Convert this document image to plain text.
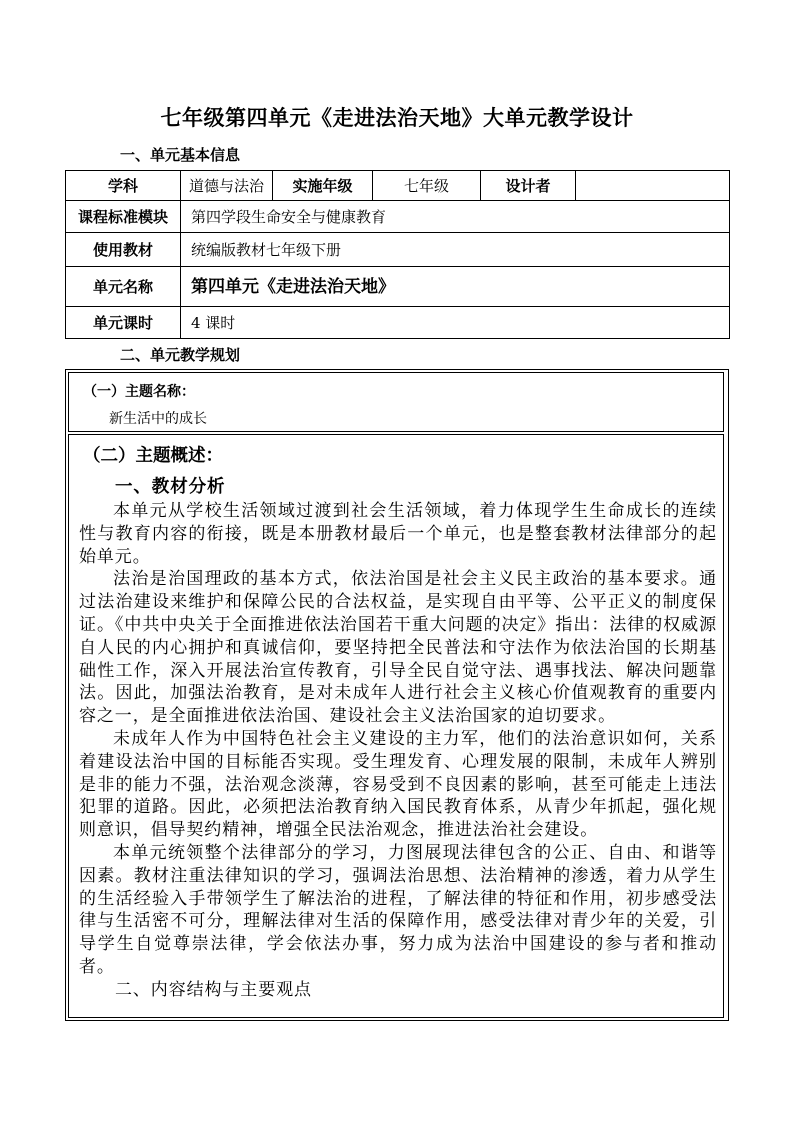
七年级第四单元《走进法治天地》大单元教学设计
一、单元基本信息
学科	道德与法治	实施年级	七年级	设计者	
课程标准模块	第四学段生命安全与健康教育				
使用教材	统编版教材七年级下册				
单元名称	第四单元《走进法治天地》				
单元课时	4 课时				
二、单元教学规划
（一）主题名称：
新生活中的成长
（二）主题概述：
一、教材分析

本单元从学校生活领域过渡到社会生活领域，着力体现学生生命成长的连续性与教育内容的衔接，既是本册教材最后一个单元，也是整套教材法律部分的起始单元。

法治是治国理政的基本方式，依法治国是社会主义民主政治的基本要求。通过法治建设来维护和保障公民的合法权益，是实现自由平等、公平正义的制度保证。《中共中央关于全面推进依法治国若干重大问题的决定》指出：法律的权威源自人民的内心拥护和真诚信仰，要坚持把全民普法和守法作为依法治国的长期基础性工作，深入开展法治宣传教育，引导全民自觉守法、遇事找法、解决问题靠法。因此，加强法治教育，是对未成年人进行社会主义核心价值观教育的重要内容之一，是全面推进依法治国、建设社会主义法治国家的迫切要求。

未成年人作为中国特色社会主义建设的主力军，他们的法治意识如何，关系着建设法治中国的目标能否实现。受生理发育、心理发展的限制，未成年人辨别是非的能力不强，法治观念淡薄，容易受到不良因素的影响，甚至可能走上违法犯罪的道路。因此，必须把法治教育纳入国民教育体系，从青少年抓起，强化规则意识，倡导契约精神，增强全民法治观念，推进法治社会建设。

本单元统领整个法律部分的学习，力图展现法律包含的公正、自由、和谐等因素。教材注重法律知识的学习，强调法治思想、法治精神的渗透，着力从学生的生活经验入手带领学生了解法治的进程，了解法律的特征和作用，初步感受法律与生活密不可分，理解法律对生活的保障作用，感受法律对青少年的关爱，引导学生自觉尊崇法律，学会依法办事，努力成为法治中国建设的参与者和推动者。

二、内容结构与主要观点
